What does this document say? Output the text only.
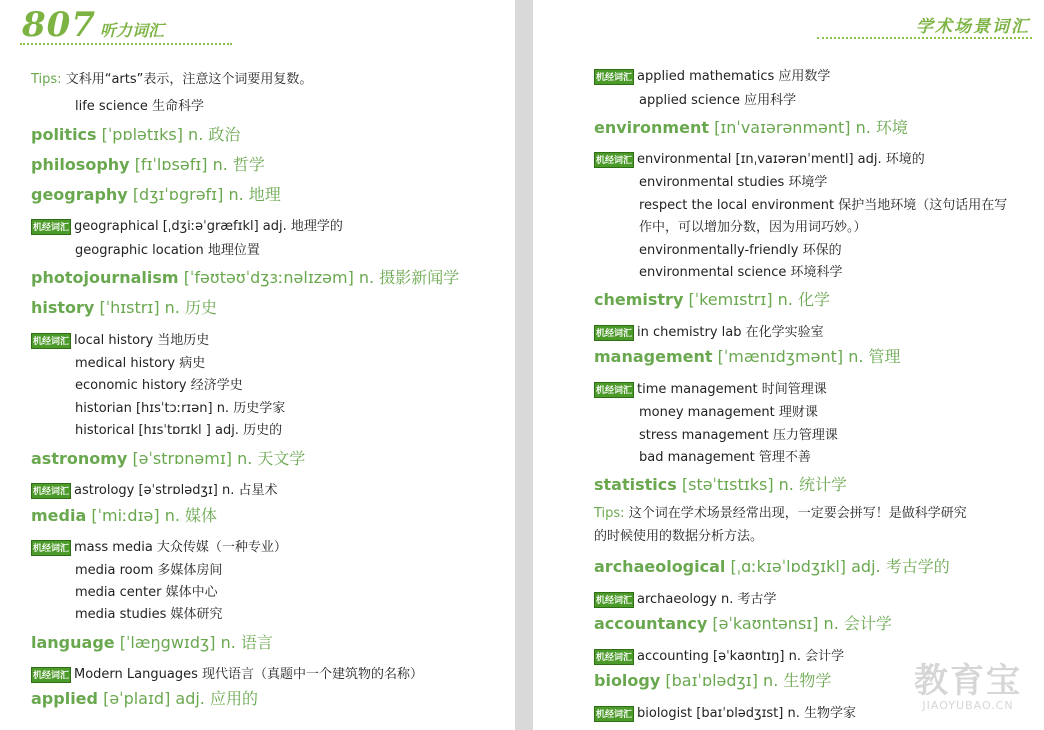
807 听力词汇
Tips: 文科用“arts”表示，注意这个词要用复数。
life science 生命科学
politics [ˈpɒlətɪks] n. 政治
philosophy [fɪˈlɒsəfɪ] n. 哲学
geography [dʒɪˈɒgrəfɪ] n. 地理
机经词汇 geographical [ˌdʒiːəˈgræfɪkl] adj. 地理学的
geographic location 地理位置
photojournalism [ˈfəʊtəʊˈdʒɜːnəlɪzəm] n. 摄影新闻学
history [ˈhɪstrɪ] n. 历史
机经词汇 local history 当地历史
medical history 病史
economic history 经济学史
historian [hɪsˈtɔːrɪən] n. 历史学家
historical [hɪsˈtɒrɪkl ] adj. 历史的
astronomy [əˈstrɒnəmɪ] n. 天文学
机经词汇 astrology [əˈstrɒlədʒɪ] n. 占星术
media [ˈmiːdɪə] n. 媒体
机经词汇 mass media 大众传媒（一种专业）
media room 多媒体房间
media center 媒体中心
media studies 媒体研究
language [ˈlæŋgwɪdʒ] n. 语言
机经词汇 Modern Languages 现代语言（真题中一个建筑物的名称）
applied [əˈplaɪd] adj. 应用的
学术场景词汇
机经词汇 applied mathematics 应用数学
applied science 应用科学
environment [ɪnˈvaɪərənmənt] n. 环境
机经词汇 environmental [ɪnˌvaɪərənˈmentl] adj. 环境的
environmental studies 环境学
respect the local environment 保护当地环境（这句话用在写
作中，可以增加分数，因为用词巧妙。）
environmentally-friendly 环保的
environmental science 环境科学
chemistry [ˈkemɪstrɪ] n. 化学
机经词汇 in chemistry lab 在化学实验室
management [ˈmænɪdʒmənt] n. 管理
机经词汇 time management 时间管理课
money management 理财课
stress management 压力管理课
bad management 管理不善
statistics [stəˈtɪstɪks] n. 统计学
Tips: 这个词在学术场景经常出现，一定要会拼写！是做科学研究
的时候使用的数据分析方法。
archaeological [ˌɑːkɪəˈlɒdʒɪkl] adj. 考古学的
机经词汇 archaeology n. 考古学
accountancy [əˈkaʊntənsɪ] n. 会计学
机经词汇 accounting [əˈkaʊntɪŋ] n. 会计学
biology [baɪˈɒlədʒɪ] n. 生物学
机经词汇 biologist [baɪˈɒlədʒɪst] n. 生物学家
教育宝
JIAOYUBAO.CN
